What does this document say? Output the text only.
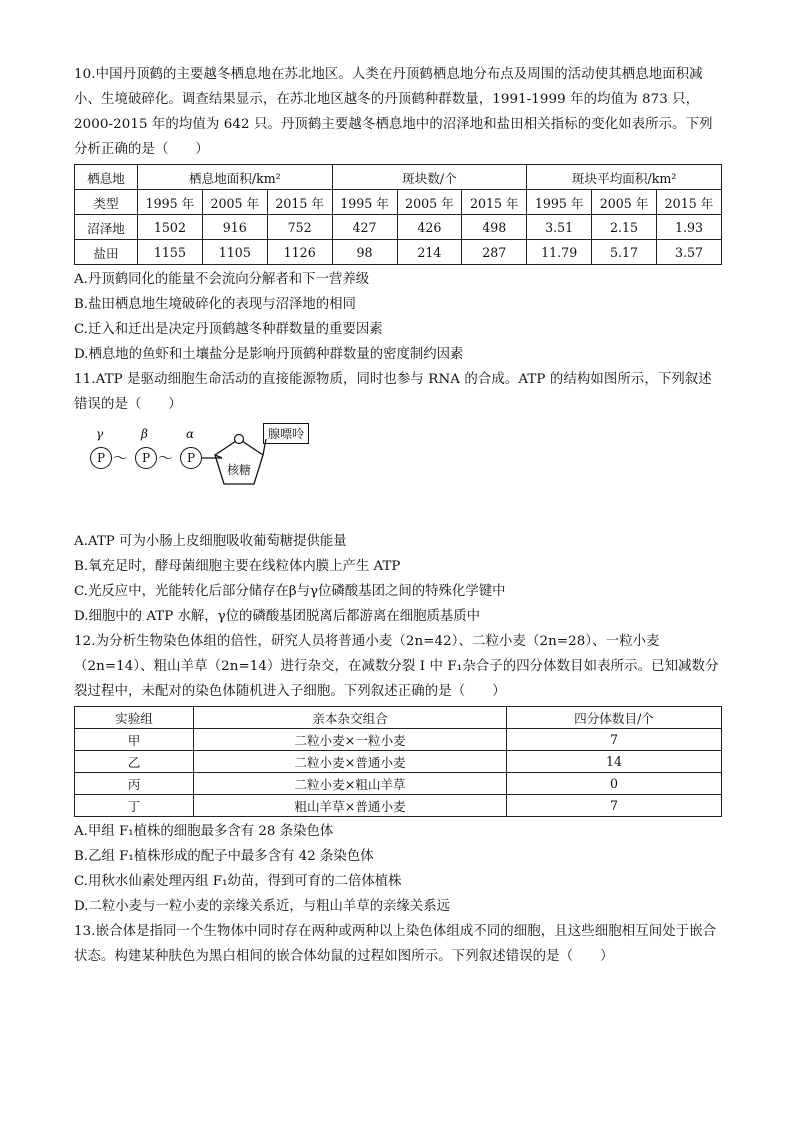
10.中国丹顶鹤的主要越冬栖息地在苏北地区。人类在丹顶鹤栖息地分布点及周围的活动使其栖息地面积减小、生境破碎化。调查结果显示，在苏北地区越冬的丹顶鹤种群数量，1991-1999 年的均值为 873 只，2000-2015 年的均值为 642 只。丹顶鹤主要越冬栖息地中的沼泽地和盐田相关指标的变化如表所示。下列分析正确的是（　　）

栖息地	栖息地面积/km²			斑块数/个			斑块平均面积/km²		
类型	1995 年	2005 年	2015 年	1995 年	2005 年	2015 年	1995 年	2005 年	2015 年
沼泽地	1502	916	752	427	426	498	3.51	2.15	1.93
盐田	1155	1105	1126	98	214	287	11.79	5.17	3.57

A.丹顶鹤同化的能量不会流向分解者和下一营养级

B.盐田栖息地生境破碎化的表现与沼泽地的相同

C.迁入和迁出是决定丹顶鹤越冬种群数量的重要因素

D.栖息地的鱼虾和土壤盐分是影响丹顶鹤种群数量的密度制约因素

11.ATP 是驱动细胞生命活动的直接能源物质，同时也参与 RNA 的合成。ATP 的结构如图所示，下列叙述错误的是（　　）

γ	β	α
P ～	P ～	P
核糖
腺嘌呤

A.ATP 可为小肠上皮细胞吸收葡萄糖提供能量

B.氧充足时，酵母菌细胞主要在线粒体内膜上产生 ATP

C.光反应中，光能转化后部分储存在β与γ位磷酸基团之间的特殊化学键中

D.细胞中的 ATP 水解，γ位的磷酸基团脱离后都游离在细胞质基质中

12.为分析生物染色体组的倍性，研究人员将普通小麦（2n=42）、二粒小麦（2n=28）、一粒小麦（2n=14）、粗山羊草（2n=14）进行杂交，在减数分裂 I 中 F₁杂合子的四分体数目如表所示。已知减数分裂过程中，未配对的染色体随机进入子细胞。下列叙述正确的是（　　）

实验组	亲本杂交组合	四分体数目/个
甲	二粒小麦×一粒小麦	7
乙	二粒小麦×普通小麦	14
丙	二粒小麦×粗山羊草	0
丁	粗山羊草×普通小麦	7

A.甲组 F₁植株的细胞最多含有 28 条染色体

B.乙组 F₁植株形成的配子中最多含有 42 条染色体

C.用秋水仙素处理丙组 F₁幼苗，得到可育的二倍体植株

D.二粒小麦与一粒小麦的亲缘关系近，与粗山羊草的亲缘关系远

13.嵌合体是指同一个生物体中同时存在两种或两种以上染色体组成不同的细胞，且这些细胞相互间处于嵌合状态。构建某种肤色为黑白相间的嵌合体幼鼠的过程如图所示。下列叙述错误的是（　　）
